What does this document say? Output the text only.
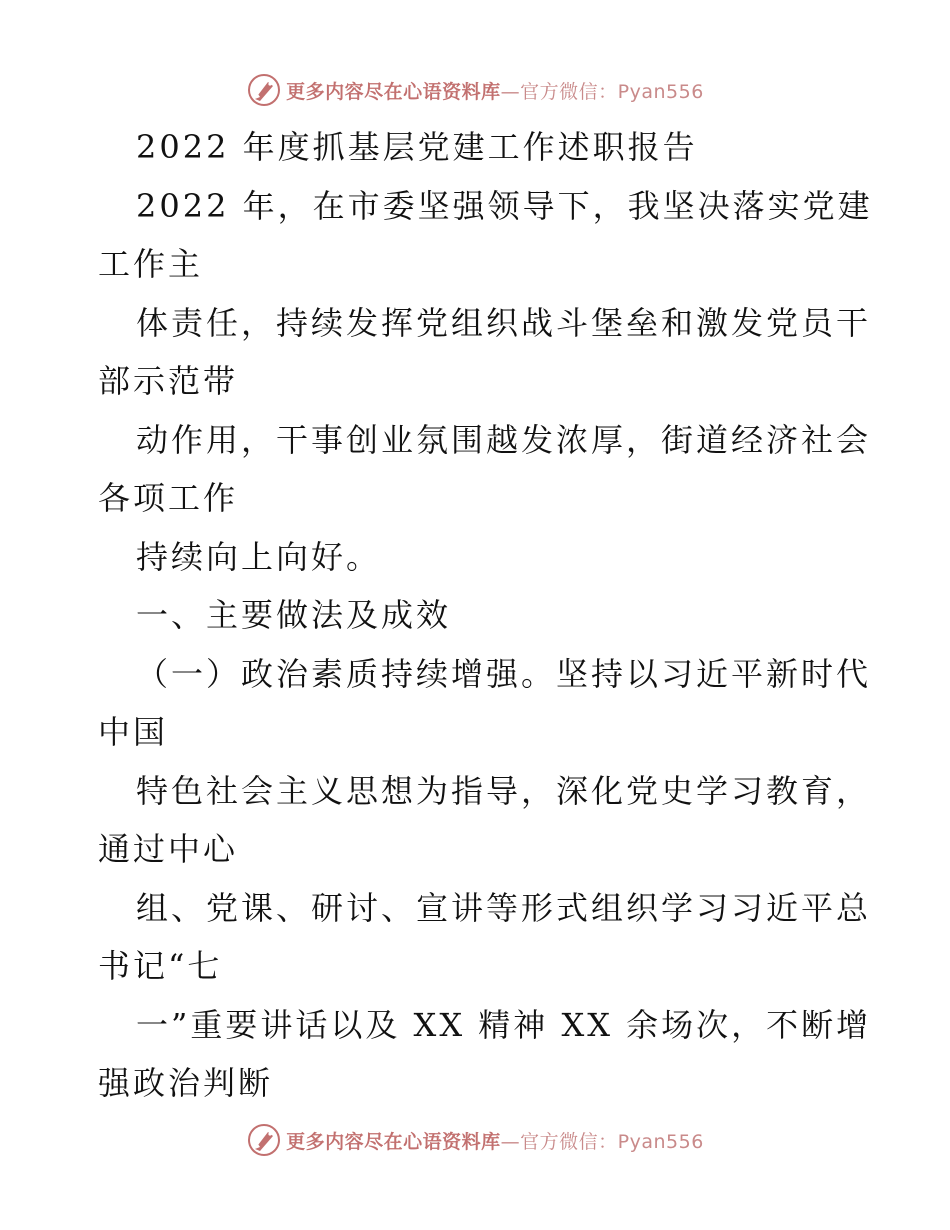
更多内容尽在心语资料库—官方微信：Pyan556

2022 年度抓基层党建工作述职报告

2022 年，在市委坚强领导下，我坚决落实党建

工作主

体责任，持续发挥党组织战斗堡垒和激发党员干

部示范带

动作用，干事创业氛围越发浓厚，街道经济社会

各项工作

持续向上向好。

一、主要做法及成效

（一）政治素质持续增强。坚持以习近平新时代

中国

特色社会主义思想为指导，深化党史学习教育，

通过中心

组、党课、研讨、宣讲等形式组织学习习近平总

书记“七

一”重要讲话以及 XX 精神 XX 余场次，不断增

强政治判断

更多内容尽在心语资料库—官方微信：Pyan556
